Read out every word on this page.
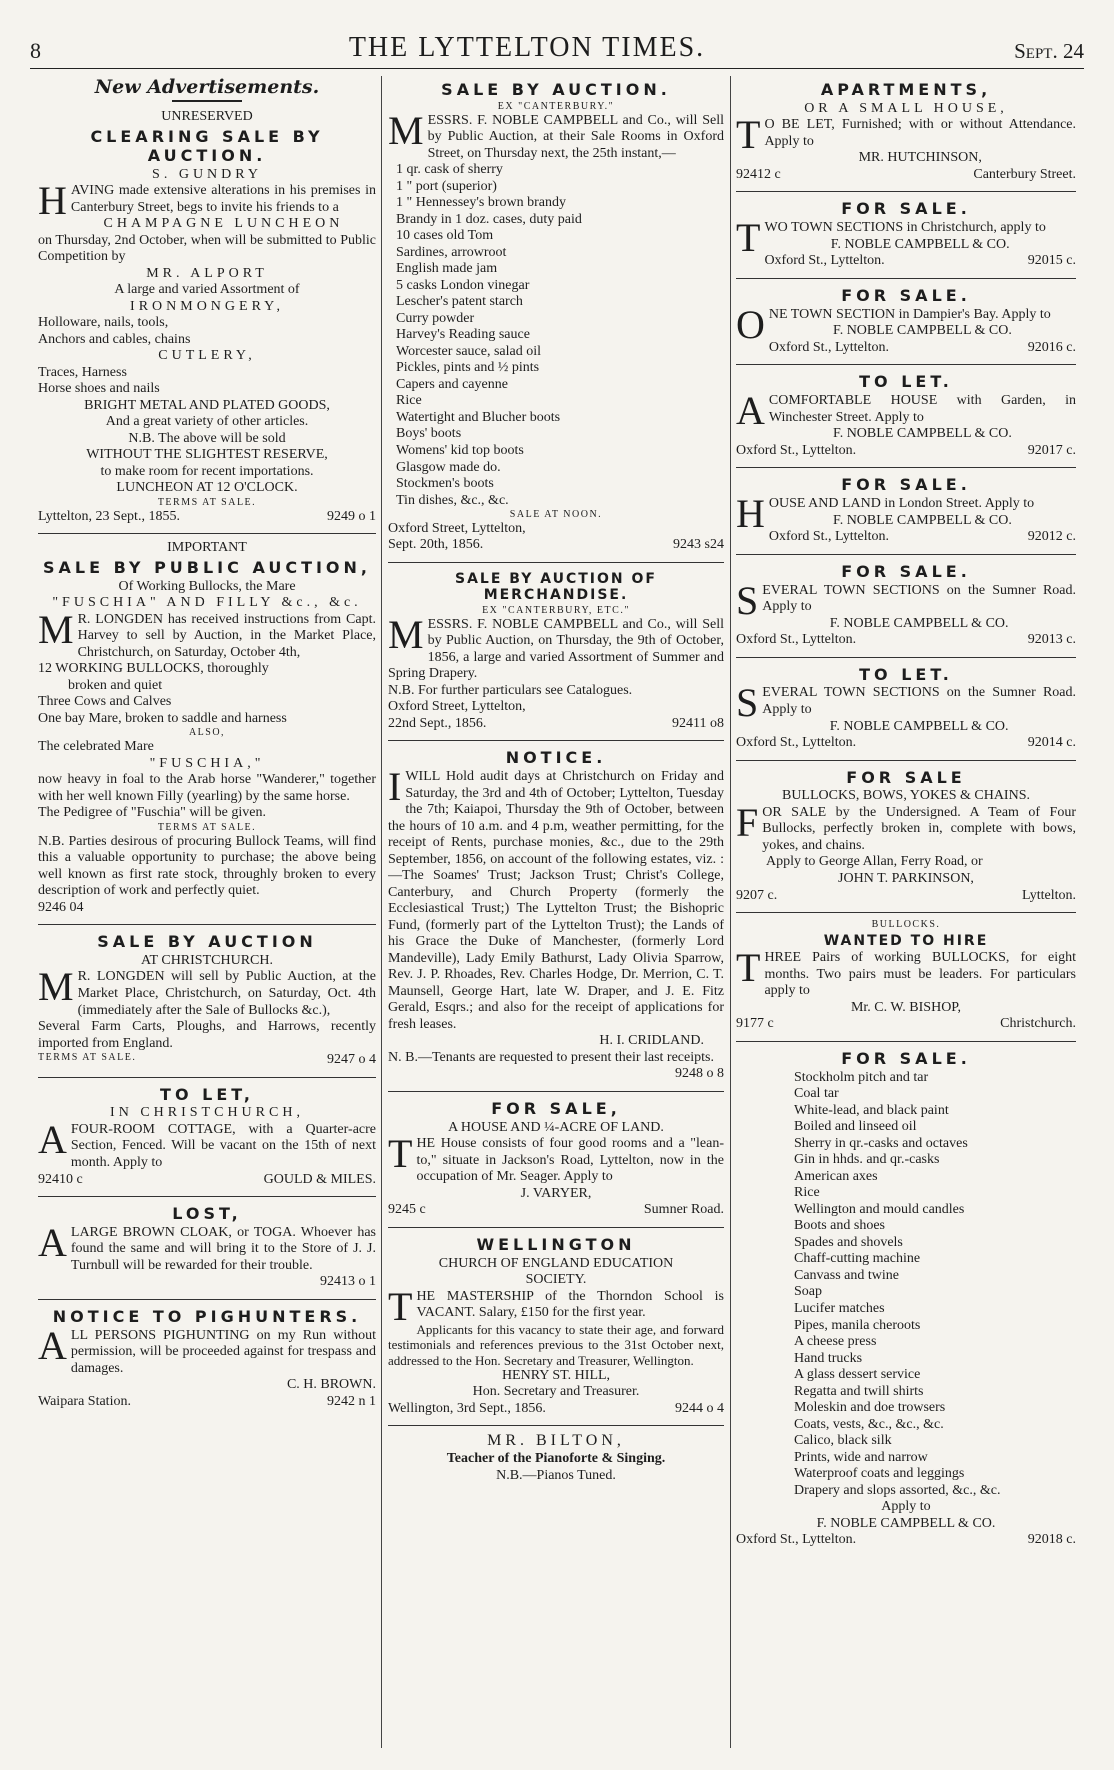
8	THE LYTTELTON TIMES.	Sept. 24
New Advertisements.
UNRESERVED
CLEARING SALE BY AUCTION.
S. GUNDRY
HAVING made extensive alterations in his premises in Canterbury Street, begs to invite his friends to a
CHAMPAGNE LUNCHEON
on Thursday, 2nd October, when will be submitted to Public Competition by
MR. ALPORT
A large and varied Assortment of
IRONMONGERY,
Holloware, nails, tools,
Anchors and cables, chains
CUTLERY,
Traces, Harness
Horse shoes and nails
BRIGHT METAL AND PLATED GOODS,
And a great variety of other articles.
N.B. The above will be sold
WITHOUT THE SLIGHTEST RESERVE,
to make room for recent importations.
LUNCHEON AT 12 O'CLOCK.
TERMS AT SALE.
Lyttelton, 23 Sept., 1855.	9249 o 1
IMPORTANT
SALE BY PUBLIC AUCTION,
Of Working Bullocks, the Mare
"FUSCHIA" AND FILLY &c., &c.
M R. LONGDEN has received instructions from Capt. Harvey to sell by Auction, in the Market Place, Christchurch, on Saturday, October 4th,
12 WORKING BULLOCKS, thoroughly
broken and quiet
Three Cows and Calves
One bay Mare, broken to saddle and harness
ALSO,
The celebrated Mare
"FUSCHIA,"
now heavy in foal to the Arab horse "Wanderer," together with her well known Filly (yearling) by the same horse.
The Pedigree of "Fuschia" will be given.
TERMS AT SALE.
N.B. Parties desirous of procuring Bullock Teams, will find this a valuable opportunity to purchase; the above being well known as first rate stock, throughly broken to every description of work and perfectly quiet.
9246 04
SALE BY AUCTION
AT CHRISTCHURCH.
M R. LONGDEN will sell by Public Auction, at the Market Place, Christchurch, on Saturday, Oct. 4th (immediately after the Sale of Bullocks &c.),
Several Farm Carts, Ploughs, and Harrows, recently imported from England.
TERMS AT SALE.	9247 o 4
TO LET,
IN CHRISTCHURCH,
AFOUR-ROOM COTTAGE, with a Quarter-acre Section, Fenced. Will be vacant on the 15th of next month. Apply to
92410 c	GOULD & MILES.
LOST,
ALARGE BROWN CLOAK, or TOGA. Whoever has found the same and will bring it to the Store of J. J. Turnbull will be rewarded for their trouble.
92413 o 1
NOTICE TO PIGHUNTERS.
ALL PERSONS PIGHUNTING on my Run without permission, will be proceeded against for trespass and damages.
C. H. BROWN.
Waipara Station.	9242 n 1
SALE BY AUCTION.
EX "CANTERBURY."
MESSRS. F. NOBLE CAMPBELL and Co., will Sell by Public Auction, at their Sale Rooms in Oxford Street, on Thursday next, the 25th instant,—
1 qr. cask of sherry
1 " port (superior)
1 " Hennessey's brown brandy
Brandy in 1 doz. cases, duty paid
10 cases old Tom
Sardines, arrowroot
English made jam
5 casks London vinegar
Lescher's patent starch
Curry powder
Harvey's Reading sauce
Worcester sauce, salad oil
Pickles, pints and ½ pints
Capers and cayenne
Rice
Watertight and Blucher boots
Boys' boots
Womens' kid top boots
Glasgow made do.
Stockmen's boots
Tin dishes, &c., &c.
SALE AT NOON.
Oxford Street, Lyttelton,
Sept. 20th, 1856.	9243 s24
SALE BY AUCTION OF MERCHANDISE.
EX "CANTERBURY, ETC."
MESSRS. F. NOBLE CAMPBELL and Co., will Sell by Public Auction, on Thursday, the 9th of October, 1856, a large and varied Assortment of Summer and Spring Drapery.
N.B. For further particulars see Catalogues.
Oxford Street, Lyttelton,
22nd Sept., 1856.	92411 o8
NOTICE.
IWILL Hold audit days at Christchurch on Friday and Saturday, the 3rd and 4th of October; Lyttelton, Tuesday the 7th; Kaiapoi, Thursday the 9th of October, between the hours of 10 a.m. and 4 p.m, weather permitting, for the receipt of Rents, purchase monies, &c., due to the 29th September, 1856, on account of the following estates, viz. :—The Soames' Trust; Jackson Trust; Christ's College, Canterbury, and Church Property (formerly the Ecclesiastical Trust;) The Lyttelton Trust; the Bishopric Fund, (formerly part of the Lyttelton Trust); the Lands of his Grace the Duke of Manchester, (formerly Lord Mandeville), Lady Emily Bathurst, Lady Olivia Sparrow, Rev. J. P. Rhoades, Rev. Charles Hodge, Dr. Merrion, C. T. Maunsell, George Hart, late W. Draper, and J. E. Fitz Gerald, Esqrs.; and also for the receipt of applications for fresh leases.
H. I. CRIDLAND.
N. B.—Tenants are requested to present their last receipts.
9248 o 8
FOR SALE,
A HOUSE AND ¼-ACRE OF LAND.
THE House consists of four good rooms and a "lean-to," situate in Jackson's Road, Lyttelton, now in the occupation of Mr. Seager. Apply to
J. VARYER,
9245 c	Sumner Road.
WELLINGTON
CHURCH OF ENGLAND EDUCATION
SOCIETY.
THE MASTERSHIP of the Thorndon School is VACANT. Salary, £150 for the first year.
Applicants for this vacancy to state their age, and forward testimonials and references previous to the 31st October next, addressed to the Hon. Secretary and Treasurer, Wellington.
HENRY ST. HILL,
Hon. Secretary and Treasurer.
Wellington, 3rd Sept., 1856.	9244 o 4
MR. BILTON,
Teacher of the Pianoforte & Singing.
N.B.—Pianos Tuned.
APARTMENTS,
OR A SMALL HOUSE,
T O BE LET, Furnished; with or without Attendance. Apply to
MR. HUTCHINSON,
92412 c	Canterbury Street.
FOR SALE.
TWO TOWN SECTIONS in Christchurch, apply to
F. NOBLE CAMPBELL & CO.
Oxford St., Lyttelton.	92015 c.
FOR SALE.
ONE TOWN SECTION in Dampier's Bay. Apply to
F. NOBLE CAMPBELL & CO.
Oxford St., Lyttelton.	92016 c.
TO LET.
ACOMFORTABLE HOUSE with Garden, in Winchester Street. Apply to
F. NOBLE CAMPBELL & CO.
Oxford St., Lyttelton.	92017 c.
FOR SALE.
HOUSE AND LAND in London Street. Apply to
F. NOBLE CAMPBELL & CO.
Oxford St., Lyttelton.	92012 c.
FOR SALE.
SEVERAL TOWN SECTIONS on the Sumner Road. Apply to
F. NOBLE CAMPBELL & CO.
Oxford St., Lyttelton.	92013 c.
TO LET.
SEVERAL TOWN SECTIONS on the Sumner Road. Apply to
F. NOBLE CAMPBELL & CO.
Oxford St., Lyttelton.	92014 c.
FOR SALE
BULLOCKS, BOWS, YOKES & CHAINS.
FOR SALE by the Undersigned. A Team of Four Bullocks, perfectly broken in, complete with bows, yokes, and chains.
Apply to George Allan, Ferry Road, or
JOHN T. PARKINSON,
9207 c.	Lyttelton.
BULLOCKS.
WANTED TO HIRE
THREE Pairs of working BULLOCKS, for eight months. Two pairs must be leaders. For particulars apply to
Mr. C. W. BISHOP,
9177 c	Christchurch.
FOR SALE.
Stockholm pitch and tar
Coal tar
White-lead, and black paint
Boiled and linseed oil
Sherry in qr.-casks and octaves
Gin in hhds. and qr.-casks
American axes
Rice
Wellington and mould candles
Boots and shoes
Spades and shovels
Chaff-cutting machine
Canvass and twine
Soap
Lucifer matches
Pipes, manila cheroots
A cheese press
Hand trucks
A glass dessert service
Regatta and twill shirts
Moleskin and doe trowsers
Coats, vests, &c., &c., &c.
Calico, black silk
Prints, wide and narrow
Waterproof coats and leggings
Drapery and slops assorted, &c., &c.
Apply to
F. NOBLE CAMPBELL & CO.
Oxford St., Lyttelton.	92018 c.
